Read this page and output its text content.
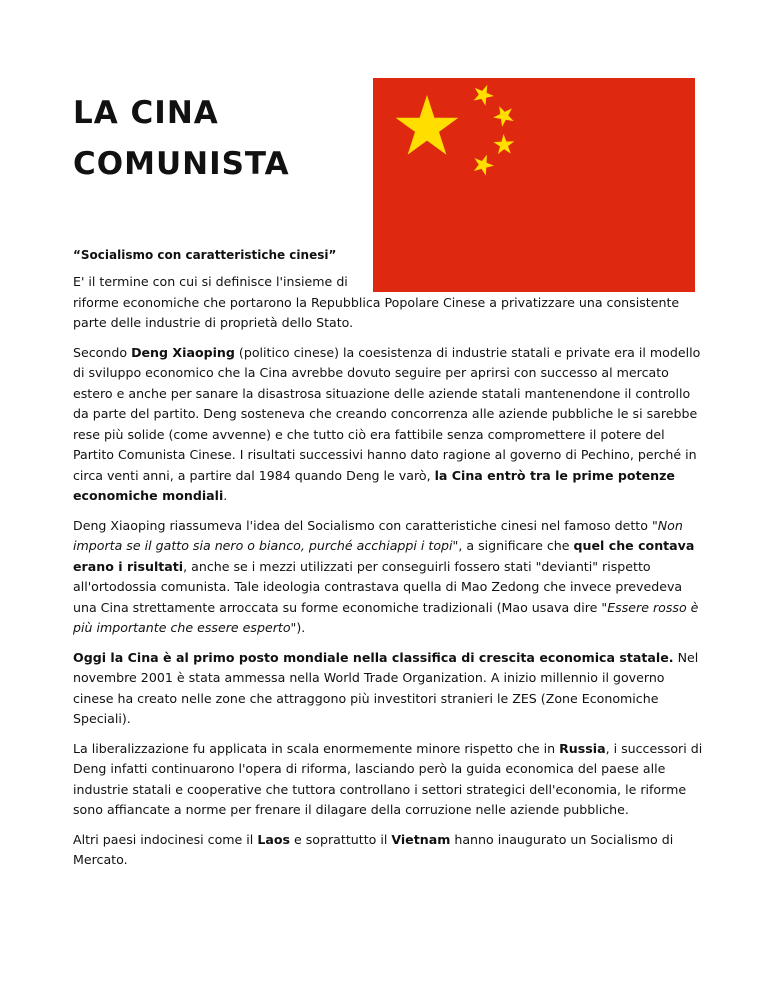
LA CINA
COMUNISTA

“Socialismo con caratteristiche cinesi”

E' il termine con cui si definisce l'insieme di
riforme economiche che portarono la Repubblica Popolare Cinese a privatizzare una consistente parte delle industrie di proprietà dello Stato.

Secondo Deng Xiaoping (politico cinese) la coesistenza di industrie statali e private era il modello di sviluppo economico che la Cina avrebbe dovuto seguire per aprirsi con successo al mercato estero e anche per sanare la disastrosa situazione delle aziende statali mantenendone il controllo da parte del partito. Deng sosteneva che creando concorrenza alle aziende pubbliche le si sarebbe rese più solide (come avvenne) e che tutto ciò era fattibile senza compromettere il potere del Partito Comunista Cinese. I risultati successivi hanno dato ragione al governo di Pechino, perché in circa venti anni, a partire dal 1984 quando Deng le varò, la Cina entrò tra le prime potenze economiche mondiali.

Deng Xiaoping riassumeva l'idea del Socialismo con caratteristiche cinesi nel famoso detto "Non importa se il gatto sia nero o bianco, purché acchiappi i topi", a significare che quel che contava erano i risultati, anche se i mezzi utilizzati per conseguirli fossero stati "devianti" rispetto all'ortodossia comunista. Tale ideologia contrastava quella di Mao Zedong che invece prevedeva una Cina strettamente arroccata su forme economiche tradizionali (Mao usava dire "Essere rosso è più importante che essere esperto").

Oggi la Cina è al primo posto mondiale nella classifica di crescita economica statale. Nel novembre 2001 è stata ammessa nella World Trade Organization. A inizio millennio il governo cinese ha creato nelle zone che attraggono più investitori stranieri le ZES (Zone Economiche Speciali).

La liberalizzazione fu applicata in scala enormemente minore rispetto che in Russia, i successori di Deng infatti continuarono l'opera di riforma, lasciando però la guida economica del paese alle industrie statali e cooperative che tuttora controllano i settori strategici dell'economia, le riforme sono affiancate a norme per frenare il dilagare della corruzione nelle aziende pubbliche.

Altri paesi indocinesi come il Laos e soprattutto il Vietnam hanno inaugurato un Socialismo di Mercato.
